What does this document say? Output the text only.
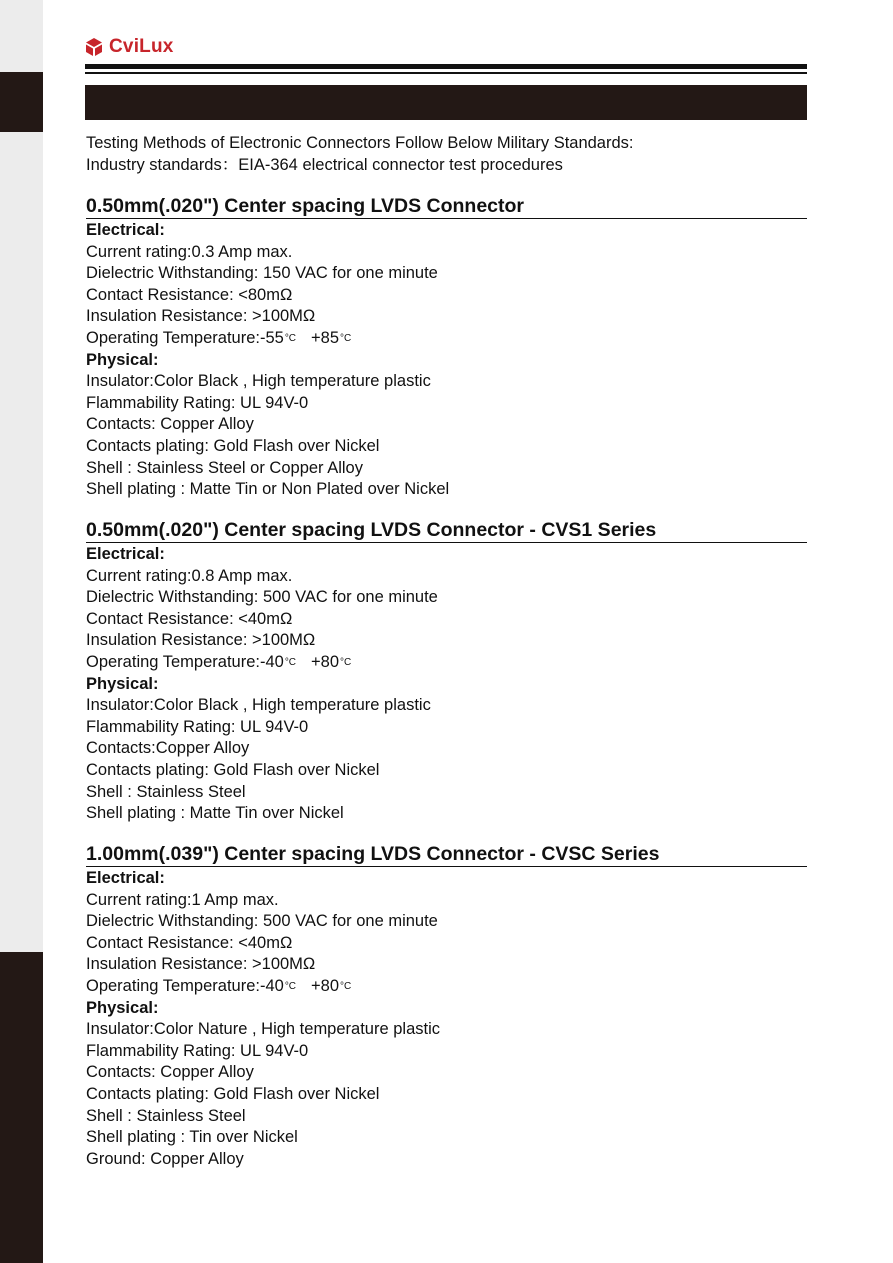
CviLux
Testing Methods of Electronic Connectors Follow Below Military Standards:
Industry standards：EIA-364 electrical connector test procedures
0.50mm(.020") Center spacing LVDS Connector
Electrical:
Current rating:0.3 Amp max.
Dielectric Withstanding: 150 VAC for one minute
Contact Resistance: <80mΩ
Insulation Resistance: >100MΩ
Operating Temperature:-55°C +85°C
Physical:
Insulator:Color Black , High temperature plastic
Flammability Rating: UL 94V-0
Contacts: Copper Alloy
Contacts plating: Gold Flash over Nickel
Shell : Stainless Steel or Copper Alloy
Shell plating : Matte Tin or Non Plated over Nickel
0.50mm(.020") Center spacing LVDS Connector - CVS1 Series
Electrical:
Current rating:0.8 Amp max.
Dielectric Withstanding: 500 VAC for one minute
Contact Resistance: <40mΩ
Insulation Resistance: >100MΩ
Operating Temperature:-40°C +80°C
Physical:
Insulator:Color Black , High temperature plastic
Flammability Rating: UL 94V-0
Contacts:Copper Alloy
Contacts plating: Gold Flash over Nickel
Shell : Stainless Steel
Shell plating : Matte Tin over Nickel
1.00mm(.039") Center spacing LVDS Connector - CVSC Series
Electrical:
Current rating:1 Amp max.
Dielectric Withstanding: 500 VAC for one minute
Contact Resistance: <40mΩ
Insulation Resistance: >100MΩ
Operating Temperature:-40°C +80°C
Physical:
Insulator:Color Nature , High temperature plastic
Flammability Rating: UL 94V-0
Contacts: Copper Alloy
Contacts plating: Gold Flash over Nickel
Shell : Stainless Steel
Shell plating : Tin over Nickel
Ground: Copper Alloy
